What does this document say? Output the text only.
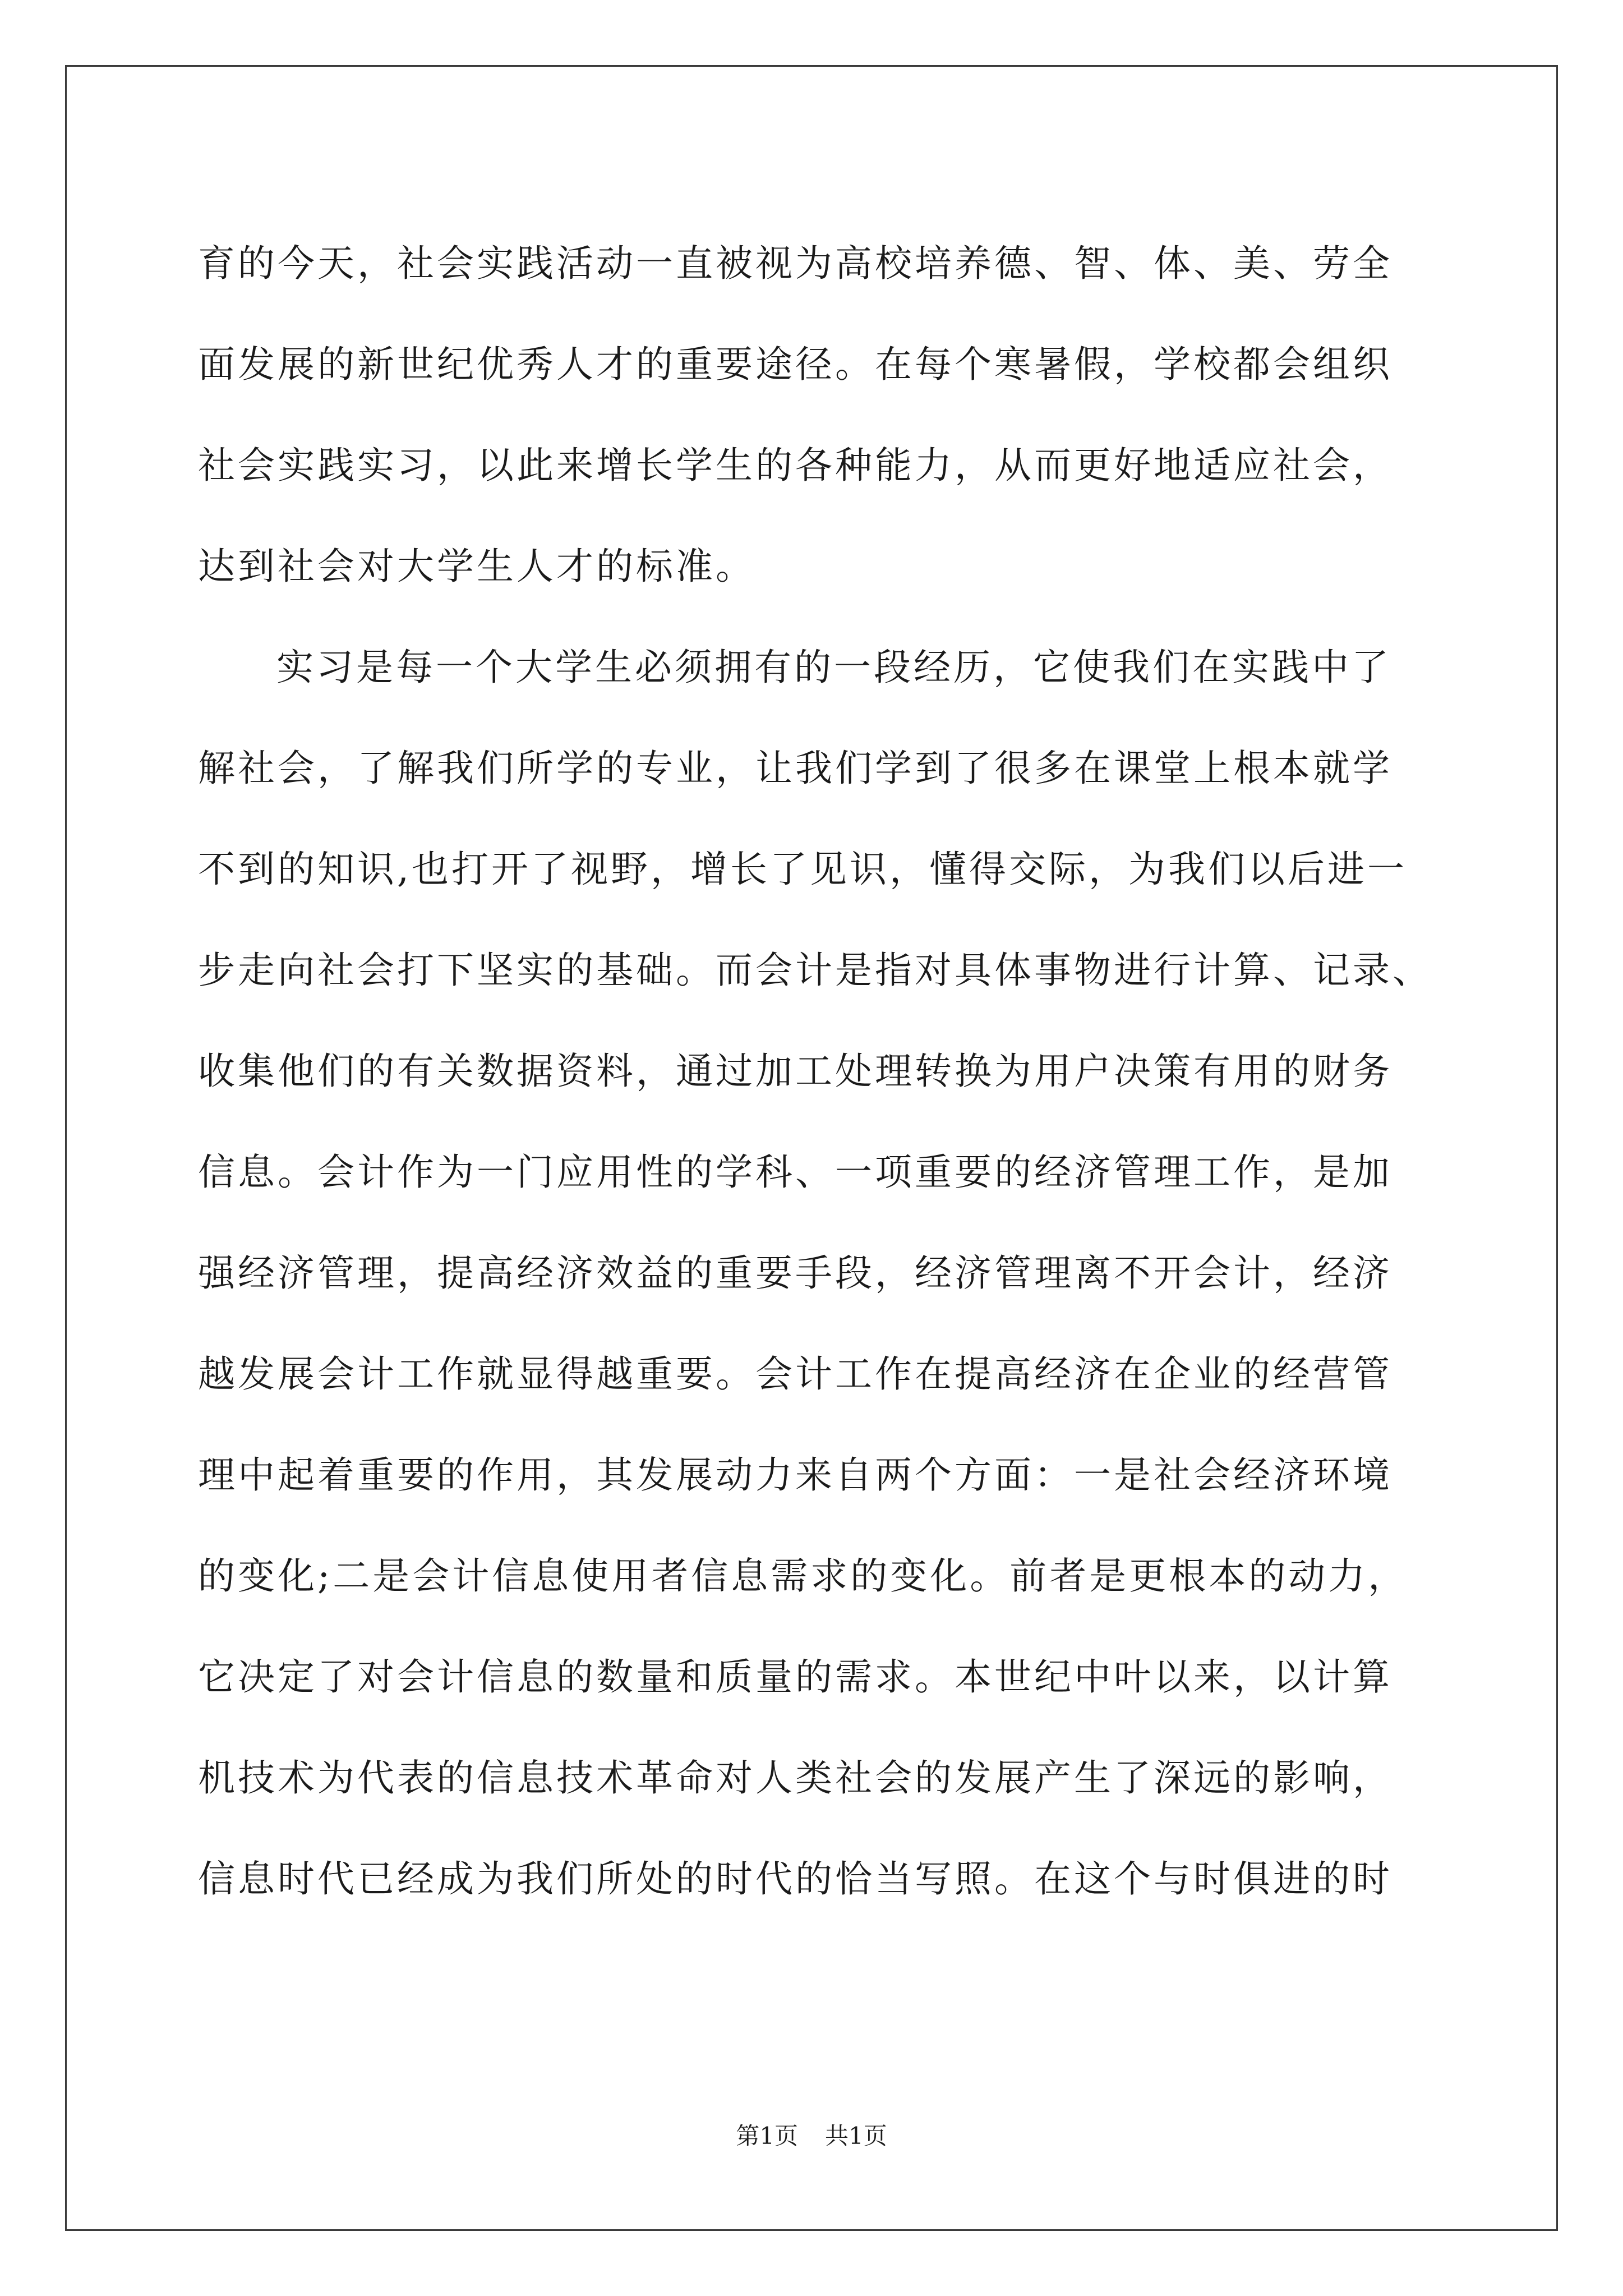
育的今天，社会实践活动一直被视为高校培养德、智、体、美、劳全
面发展的新世纪优秀人才的重要途径。在每个寒暑假，学校都会组织
社会实践实习，以此来增长学生的各种能力，从而更好地适应社会，
达到社会对大学生人才的标准。
实习是每一个大学生必须拥有的一段经历，它使我们在实践中了
解社会，了解我们所学的专业，让我们学到了很多在课堂上根本就学
不到的知识,也打开了视野，增长了见识，懂得交际，为我们以后进一
步走向社会打下坚实的基础。而会计是指对具体事物进行计算、记录、
收集他们的有关数据资料，通过加工处理转换为用户决策有用的财务
信息。会计作为一门应用性的学科、一项重要的经济管理工作，是加
强经济管理，提高经济效益的重要手段，经济管理离不开会计，经济
越发展会计工作就显得越重要。会计工作在提高经济在企业的经营管
理中起着重要的作用，其发展动力来自两个方面：一是社会经济环境
的变化;二是会计信息使用者信息需求的变化。前者是更根本的动力，
它决定了对会计信息的数量和质量的需求。本世纪中叶以来，以计算
机技术为代表的信息技术革命对人类社会的发展产生了深远的影响，
信息时代已经成为我们所处的时代的恰当写照。在这个与时俱进的时
第1页 共1页
